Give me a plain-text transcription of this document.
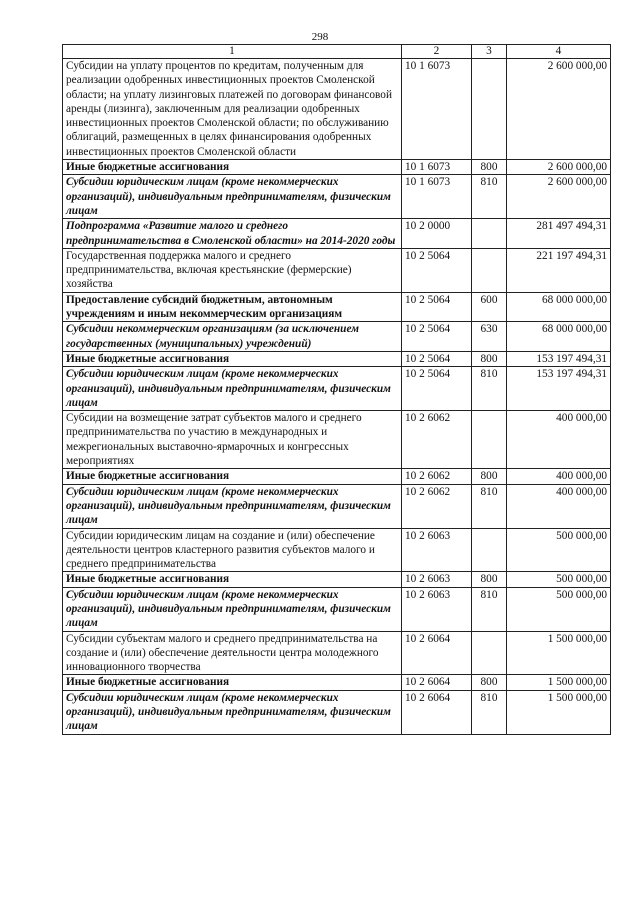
298
1	2	3	4
Субсидии на уплату процентов по кредитам, полученным для реализации одобренных инвестиционных проектов Смоленской области; на уплату лизинговых платежей по договорам финансовой аренды (лизинга), заключенным для реализации одобренных инвестиционных проектов Смоленской области; по обслуживанию облигаций, размещенных в целях финансирования одобренных инвестиционных проектов Смоленской области	10 1 6073		2 600 000,00
Иные бюджетные ассигнования	10 1 6073	800	2 600 000,00
Субсидии юридическим лицам (кроме некоммерческих организаций), индивидуальным предпринимателям, физическим лицам	10 1 6073	810	2 600 000,00
Подпрограмма «Развитие малого и среднего предпринимательства в Смоленской области» на 2014-2020 годы	10 2 0000		281 497 494,31
Государственная поддержка малого и среднего предпринимательства, включая крестьянские (фермерские) хозяйства	10 2 5064		221 197 494,31
Предоставление субсидий бюджетным, автономным учреждениям и иным некоммерческим организациям	10 2 5064	600	68 000 000,00
Субсидии некоммерческим организациям (за исключением государственных (муниципальных) учреждений)	10 2 5064	630	68 000 000,00
Иные бюджетные ассигнования	10 2 5064	800	153 197 494,31
Субсидии юридическим лицам (кроме некоммерческих организаций), индивидуальным предпринимателям, физическим лицам	10 2 5064	810	153 197 494,31
Субсидии на возмещение затрат субъектов малого и среднего предпринимательства по участию в международных и межрегиональных выставочно-ярмарочных и конгрессных мероприятиях	10 2 6062		400 000,00
Иные бюджетные ассигнования	10 2 6062	800	400 000,00
Субсидии юридическим лицам (кроме некоммерческих организаций), индивидуальным предпринимателям, физическим лицам	10 2 6062	810	400 000,00
Субсидии юридическим лицам на создание и (или) обеспечение деятельности центров кластерного развития субъектов малого и среднего предпринимательства	10 2 6063		500 000,00
Иные бюджетные ассигнования	10 2 6063	800	500 000,00
Субсидии юридическим лицам (кроме некоммерческих организаций), индивидуальным предпринимателям, физическим лицам	10 2 6063	810	500 000,00
Субсидии субъектам малого и среднего предпринимательства на создание и (или) обеспечение деятельности центра молодежного инновационного творчества	10 2 6064		1 500 000,00
Иные бюджетные ассигнования	10 2 6064	800	1 500 000,00
Субсидии юридическим лицам (кроме некоммерческих организаций), индивидуальным предпринимателям, физическим лицам	10 2 6064	810	1 500 000,00
